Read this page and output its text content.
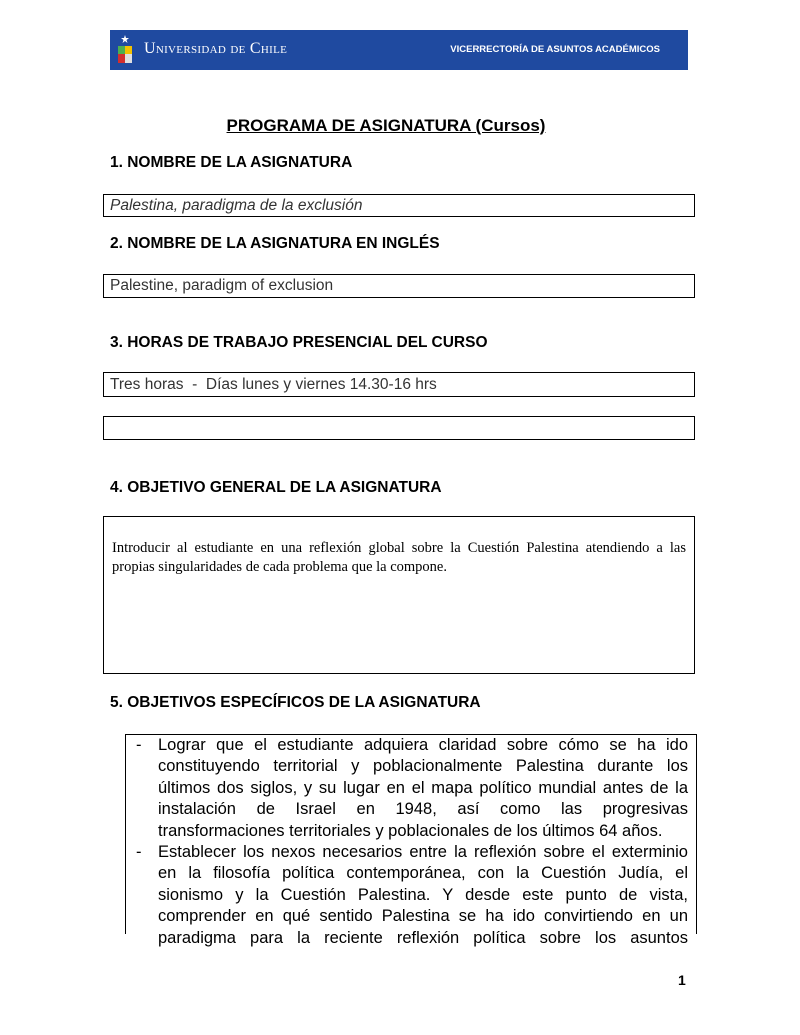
Universidad de Chile	VICERRECTORÍA DE ASUNTOS ACADÉMICOS
PROGRAMA DE ASIGNATURA (Cursos)
1. NOMBRE DE LA ASIGNATURA
Palestina, paradigma de la exclusión
2. NOMBRE DE LA ASIGNATURA EN INGLÉS
Palestine, paradigm of exclusion
3. HORAS DE TRABAJO PRESENCIAL DEL CURSO
Tres horas  -  Días lunes y viernes 14.30-16 hrs
4. OBJETIVO GENERAL DE LA ASIGNATURA
Introducir al estudiante en una reflexión global sobre la Cuestión Palestina atendiendo a las
propias singularidades de cada problema que la compone.
5. OBJETIVOS ESPECÍFICOS DE LA ASIGNATURA
- Lograr que el estudiante adquiera claridad sobre cómo se ha ido
constituyendo territorial y poblacionalmente Palestina durante los
últimos dos siglos, y su lugar en el mapa político mundial antes de la
instalación de Israel en 1948, así como las progresivas
transformaciones territoriales y poblacionales de los últimos 64 años.
- Establecer los nexos necesarios entre la reflexión sobre el exterminio
en la filosofía política contemporánea, con la Cuestión Judía, el
sionismo y la Cuestión Palestina. Y desde este punto de vista,
comprender en qué sentido Palestina se ha ido convirtiendo en un
paradigma para la reciente reflexión política sobre los asuntos
1
